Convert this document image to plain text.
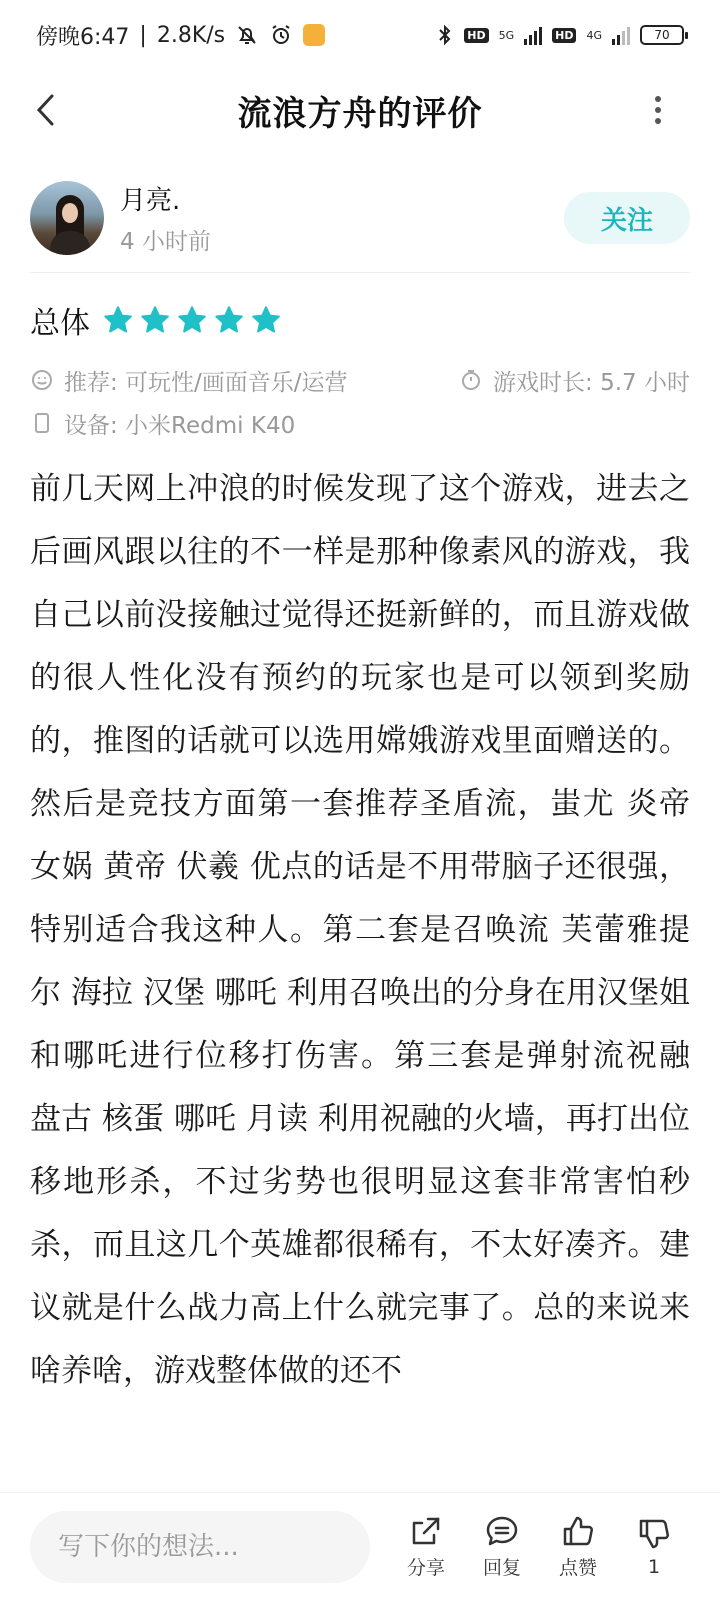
傍晚6:47 | 2.8K/s	HD 5G	HD 4G	70
流浪方舟的评价
月亮.
4 小时前
关注
总体
推荐: 可玩性/画面音乐/运营	游戏时长: 5.7 小时
设备: 小米Redmi K40
前几天网上冲浪的时候发现了这个游戏，进去之后画风跟以往的不一样是那种像素风的游戏，我自己以前没接触过觉得还挺新鲜的，而且游戏做的很人性化没有预约的玩家也是可以领到奖励的，推图的话就可以选用嫦娥游戏里面赠送的。然后是竞技方面第一套推荐圣盾流，蚩尤 炎帝 女娲 黄帝 伏羲 优点的话是不用带脑子还很强，特别适合我这种人。第二套是召唤流 芙蕾雅提尔 海拉 汉堡 哪吒 利用召唤出的分身在用汉堡姐和哪吒进行位移打伤害。第三套是弹射流祝融 盘古 核蛋 哪吒 月读 利用祝融的火墙，再打出位移地形杀，不过劣势也很明显这套非常害怕秒杀，而且这几个英雄都很稀有，不太好凑齐。建议就是什么战力高上什么就完事了。总的来说来啥养啥，游戏整体做的还不
写下你的想法...
分享 回复 点赞	1
